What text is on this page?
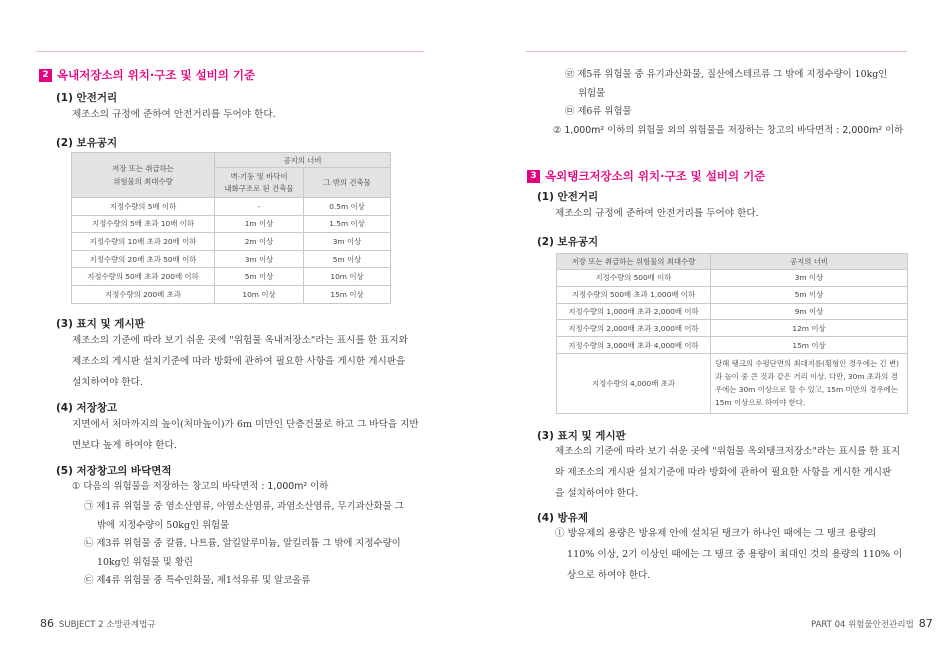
2 옥내저장소의 위치·구조 및 설비의 기준
(1) 안전거리
제조소의 규정에 준하여 안전거리를 두어야 한다.
(2) 보유공지
저장 또는 취급하는
위험물의 최대수량	공지의 너비	
	벽·기둥 및 바닥이
내화구조로 된 건축물	그 밖의 건축물
지정수량의 5배 이하	-	0.5m 이상
지정수량의 5배 초과 10배 이하	1m 이상	1.5m 이상
지정수량의 10배 초과 20배 이하	2m 이상	3m 이상
지정수량의 20배 초과 50배 이하	3m 이상	5m 이상
지정수량의 50배 초과 200배 이하	5m 이상	10m 이상
지정수량의 200배 초과	10m 이상	15m 이상
(3) 표지 및 게시판
제조소의 기준에 따라 보기 쉬운 곳에 "위험물 옥내저장소"라는 표시를 한 표지와
제조소의 게시판 설치기준에 따라 방화에 관하여 필요한 사항을 게시한 게시판을
설치하여야 한다.
(4) 저장창고
지면에서 처마까지의 높이(처마높이)가 6m 미만인 단층건물로 하고 그 바닥을 지반
면보다 높게 하여야 한다.
(5) 저장창고의 바닥면적
① 다음의 위험물을 저장하는 창고의 바닥면적 : 1,000m² 이하
㉠ 제1류 위험물 중 염소산염류, 아염소산염류, 과염소산염류, 무기과산화물 그
밖에 지정수량이 50kg인 위험물
㉡ 제3류 위험물 중 칼륨, 나트륨, 알킬알루미늄, 알킬리튬 그 밖에 지정수량이
10kg인 위험물 및 황린
㉢ 제4류 위험물 중 특수인화물, 제1석유류 및 알코올류
86 SUBJECT 2 소방관계법규
㉣ 제5류 위험물 중 유기과산화물, 질산에스테르류 그 밖에 지정수량이 10kg인
위험물
㉤ 제6류 위험물
② 1,000m² 이하의 위험물 외의 위험물을 저장하는 창고의 바닥면적 : 2,000m² 이하
3 옥외탱크저장소의 위치·구조 및 설비의 기준
(1) 안전거리
제조소의 규정에 준하여 안전거리를 두어야 한다.
(2) 보유공지
저장 또는 취급하는 위험물의 최대수량	공지의 너비
지정수량의 500배 이하	3m 이상
지정수량의 500배 초과 1,000배 이하	5m 이상
지정수량의 1,000배 초과 2,000배 이하	9m 이상
지정수량의 2,000배 초과 3,000배 이하	12m 이상
지정수량의 3,000배 초과 4,000배 이하	15m 이상
지정수량의 4,000배 초과	당해 탱크의 수평단면의 최대지름(횡형인 경우에는 긴 변)과 높이 중 큰 것과 같은 거리 이상. 다만, 30m 초과의 경우에는 30m 이상으로 할 수 있고, 15m 미만의 경우에는 15m 이상으로 하여야 한다.
(3) 표지 및 게시판
제조소의 기준에 따라 보기 쉬운 곳에 "위험물 옥외탱크저장소"라는 표시를 한 표지
와 제조소의 게시판 설치기준에 따라 방화에 관하여 필요한 사항을 게시한 게시판
을 설치하여야 한다.
(4) 방유제
① 방유제의 용량은 방유제 안에 설치된 탱크가 하나인 때에는 그 탱크 용량의
110% 이상, 2기 이상인 때에는 그 탱크 중 용량이 최대인 것의 용량의 110% 이
상으로 하여야 한다.
PART 04 위험물안전관리법 87
